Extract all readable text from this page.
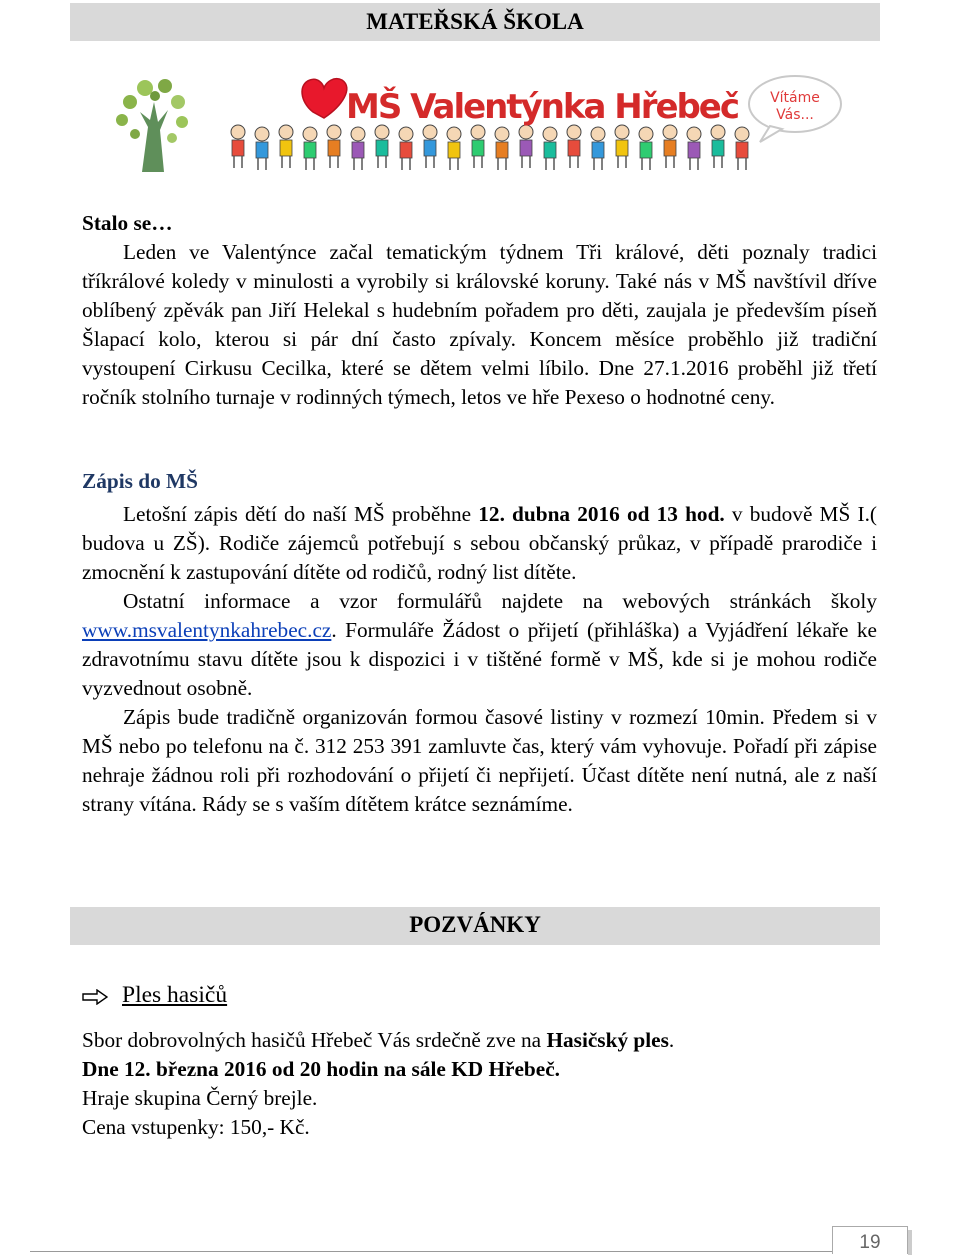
MATEŘSKÁ ŠKOLA
MŠ Valentýnka Hřebeč Vítáme
Vás...

Stalo se…

Leden ve Valentýnce začal tematickým týdnem Tři králové, děti poznaly tradici tříkrálové koledy v minulosti a vyrobily si královské koruny. Také nás v MŠ navštívil dříve oblíbený zpěvák pan Jiří Helekal s hudebním pořadem pro děti, zaujala je především píseň Šlapací kolo, kterou si pár dní často zpívaly. Koncem měsíce proběhlo již tradiční vystoupení Cirkusu Cecilka, které se dětem velmi líbilo. Dne 27.1.2016 proběhl již třetí ročník stolního turnaje v rodinných týmech, letos ve hře Pexeso o hodnotné ceny.

Zápis do MŠ

Letošní zápis dětí do naší MŠ proběhne 12. dubna 2016 od 13 hod. v budově MŠ I.( budova u ZŠ). Rodiče zájemců potřebují s sebou občanský průkaz, v případě prarodiče i zmocnění k zastupování dítěte od rodičů, rodný list dítěte.

Ostatní informace a vzor formulářů najdete na webových stránkách školy www.msvalentynkahrebec.cz. Formuláře Žádost o přijetí (přihláška) a Vyjádření lékaře ke zdravotnímu stavu dítěte jsou k dispozici i v tištěné formě v MŠ, kde si je mohou rodiče vyzvednout osobně.

Zápis bude tradičně organizován formou časové listiny v rozmezí 10min. Předem si v MŠ nebo po telefonu na č. 312 253 391 zamluvte čas, který vám vyhovuje. Pořadí při zápise nehraje žádnou roli při rozhodování o přijetí či nepřijetí. Účast dítěte není nutná, ale z naší strany vítána. Rády se s vaším dítětem krátce seznámíme.

POZVÁNKY
Ples hasičů

Sbor dobrovolných hasičů Hřebeč Vás srdečně zve na Hasičský ples.

Dne 12. března 2016 od 20 hodin na sále KD Hřebeč.

Hraje skupina Černý brejle.

Cena vstupenky: 150,- Kč.

19
